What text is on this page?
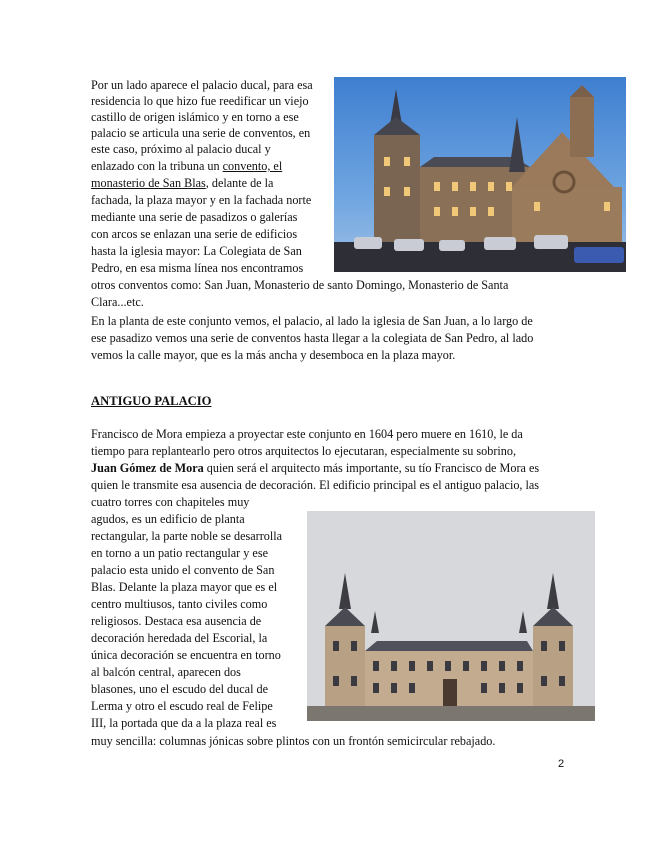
Por un lado aparece el palacio ducal, para esa
residencia lo que hizo fue reedificar un viejo
castillo de origen islámico y en torno a ese
palacio se articula una serie de conventos, en
este caso, próximo al palacio ducal y
enlazado con la tribuna un convento, el
monasterio de San Blas, delante de la
fachada, la plaza mayor y en la fachada norte
mediante una serie de pasadizos o galerías
con arcos se enlazan una serie de edificios
hasta la iglesia mayor: La Colegiata de San
Pedro, en esa misma línea nos encontramos
otros conventos como: San Juan, Monasterio de santo Domingo, Monasterio de Santa
Clara...etc.
En la planta de este conjunto vemos, el palacio, al lado la iglesia de San Juan, a lo largo de
ese pasadizo vemos una serie de conventos hasta llegar a la colegiata de San Pedro, al lado
vemos la calle mayor, que es la más ancha y desemboca en la plaza mayor.
ANTIGUO PALACIO
Francisco de Mora empieza a proyectar este conjunto en 1604 pero muere en 1610, le da
tiempo para replantearlo pero otros arquitectos lo ejecutaran, especialmente su sobrino,
Juan Gómez de Mora quien será el arquitecto más importante, su tío Francisco de Mora es
quien le transmite esa ausencia de decoración. El edificio principal es el antiguo palacio, las
cuatro torres con chapiteles muy
agudos, es un edificio de planta
rectangular, la parte noble se desarrolla
en torno a un patio rectangular y ese
palacio esta unido el convento de San
Blas. Delante la plaza mayor que es el
centro multiusos, tanto civiles como
religiosos. Destaca esa ausencia de
decoración heredada del Escorial, la
única decoración se encuentra en torno
al balcón central, aparecen dos
blasones, uno el escudo del ducal de
Lerma y otro el escudo real de Felipe
III, la portada que da a la plaza real es
muy sencilla: columnas jónicas sobre plintos con un frontón semicircular rebajado.
2
